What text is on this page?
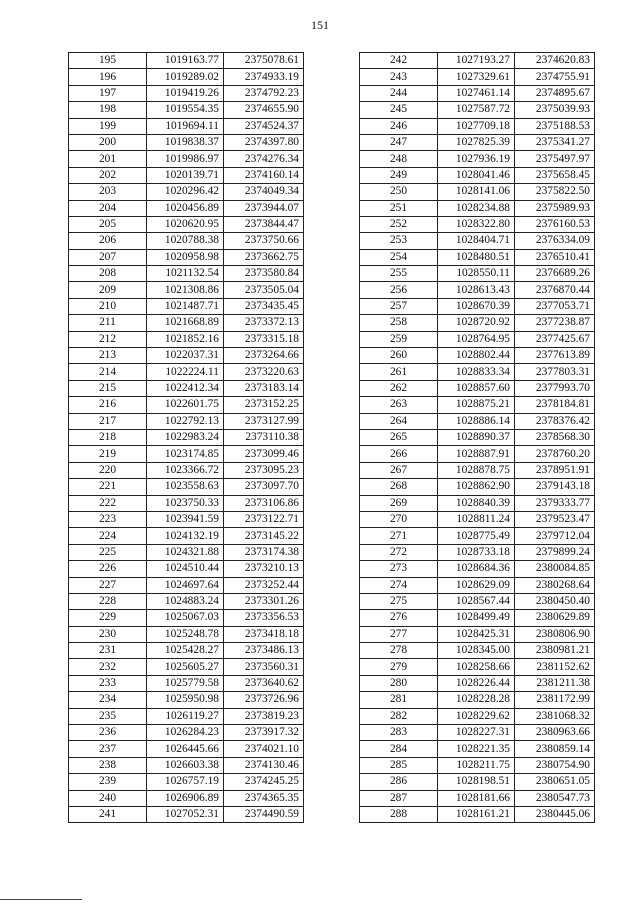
151
195	1019163.77	2375078.61
196	1019289.02	2374933.19
197	1019419.26	2374792.23
198	1019554.35	2374655.90
199	1019694.11	2374524.37
200	1019838.37	2374397.80
201	1019986.97	2374276.34
202	1020139.71	2374160.14
203	1020296.42	2374049.34
204	1020456.89	2373944.07
205	1020620.95	2373844.47
206	1020788.38	2373750.66
207	1020958.98	2373662.75
208	1021132.54	2373580.84
209	1021308.86	2373505.04
210	1021487.71	2373435.45
211	1021668.89	2373372.13
212	1021852.16	2373315.18
213	1022037.31	2373264.66
214	1022224.11	2373220.63
215	1022412.34	2373183.14
216	1022601.75	2373152.25
217	1022792.13	2373127.99
218	1022983.24	2373110.38
219	1023174.85	2373099.46
220	1023366.72	2373095.23
221	1023558.63	2373097.70
222	1023750.33	2373106.86
223	1023941.59	2373122.71
224	1024132.19	2373145.22
225	1024321.88	2373174.38
226	1024510.44	2373210.13
227	1024697.64	2373252.44
228	1024883.24	2373301.26
229	1025067.03	2373356.53
230	1025248.78	2373418.18
231	1025428.27	2373486.13
232	1025605.27	2373560.31
233	1025779.58	2373640.62
234	1025950.98	2373726.96
235	1026119.27	2373819.23
236	1026284.23	2373917.32
237	1026445.66	2374021.10
238	1026603.38	2374130.46
239	1026757.19	2374245.25
240	1026906.89	2374365.35
241	1027052.31	2374490.59
242	1027193.27	2374620.83
243	1027329.61	2374755.91
244	1027461.14	2374895.67
245	1027587.72	2375039.93
246	1027709.18	2375188.53
247	1027825.39	2375341.27
248	1027936.19	2375497.97
249	1028041.46	2375658.45
250	1028141.06	2375822.50
251	1028234.88	2375989.93
252	1028322.80	2376160.53
253	1028404.71	2376334.09
254	1028480.51	2376510.41
255	1028550.11	2376689.26
256	1028613.43	2376870.44
257	1028670.39	2377053.71
258	1028720.92	2377238.87
259	1028764.95	2377425.67
260	1028802.44	2377613.89
261	1028833.34	2377803.31
262	1028857.60	2377993.70
263	1028875.21	2378184.81
264	1028886.14	2378376.42
265	1028890.37	2378568.30
266	1028887.91	2378760.20
267	1028878.75	2378951.91
268	1028862.90	2379143.18
269	1028840.39	2379333.77
270	1028811.24	2379523.47
271	1028775.49	2379712.04
272	1028733.18	2379899.24
273	1028684.36	2380084.85
274	1028629.09	2380268.64
275	1028567.44	2380450.40
276	1028499.49	2380629.89
277	1028425.31	2380806.90
278	1028345.00	2380981.21
279	1028258.66	2381152.62
280	1028226.44	2381211.38
281	1028228.28	2381172.99
282	1028229.62	2381068.32
283	1028227.31	2380963.66
284	1028221.35	2380859.14
285	1028211.75	2380754.90
286	1028198.51	2380651.05
287	1028181.66	2380547.73
288	1028161.21	2380445.06
